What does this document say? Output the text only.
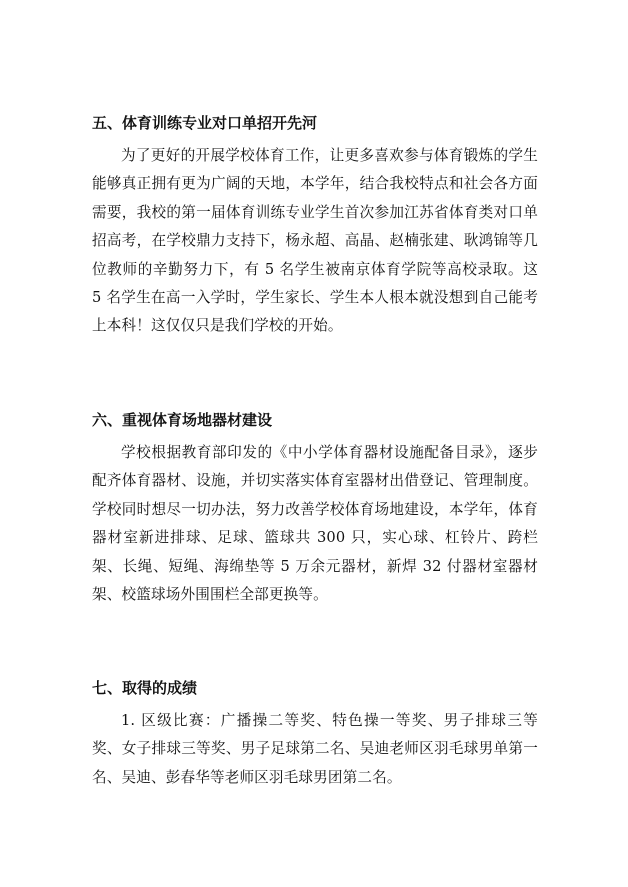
五、体育训练专业对口单招开先河
为了更好的开展学校体育工作，让更多喜欢参与体育锻炼的学生能够真正拥有更为广阔的天地，本学年，结合我校特点和社会各方面需要，我校的第一届体育训练专业学生首次参加江苏省体育类对口单招高考，在学校鼎力支持下，杨永超、高晶、赵楠张建、耿鸿锦等几位教师的辛勤努力下，有 5 名学生被南京体育学院等高校录取。这 5 名学生在高一入学时，学生家长、学生本人根本就没想到自己能考上本科！这仅仅只是我们学校的开始。
六、重视体育场地器材建设
学校根据教育部印发的《中小学体育器材设施配备目录》，逐步配齐体育器材、设施，并切实落实体育室器材出借登记、管理制度。学校同时想尽一切办法，努力改善学校体育场地建设，本学年，体育器材室新进排球、足球、篮球共 300 只，实心球、杠铃片、跨栏架、长绳、短绳、海绵垫等 5 万余元器材，新焊 32 付器材室器材架、校篮球场外围围栏全部更换等。
七、取得的成绩
1. 区级比赛：广播操二等奖、特色操一等奖、男子排球三等奖、女子排球三等奖、男子足球第二名、吴迪老师区羽毛球男单第一名、吴迪、彭春华等老师区羽毛球男团第二名。
